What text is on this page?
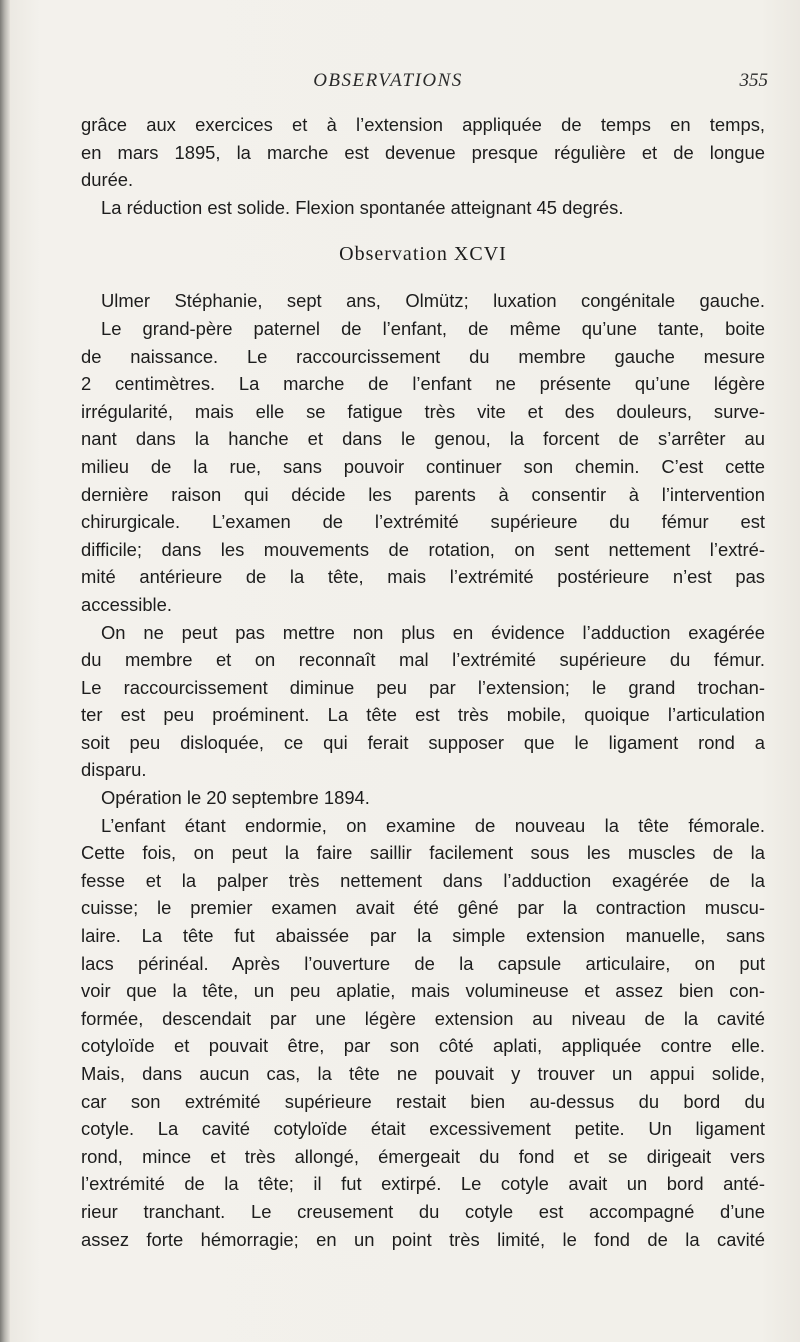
OBSERVATIONS	355
grâce aux exercices et à l’extension appliquée de temps en temps,
en mars 1895, la marche est devenue presque régulière et de longue
durée.
La réduction est solide. Flexion spontanée atteignant 45 degrés.
Observation XCVI
Ulmer Stéphanie, sept ans, Olmütz; luxation congénitale gauche.
Le grand-père paternel de l’enfant, de même qu’une tante, boite
de naissance. Le raccourcissement du membre gauche mesure
2 centimètres. La marche de l’enfant ne présente qu’une légère
irrégularité, mais elle se fatigue très vite et des douleurs, surve-
nant dans la hanche et dans le genou, la forcent de s’arrêter au
milieu de la rue, sans pouvoir continuer son chemin. C’est cette
dernière raison qui décide les parents à consentir à l’intervention
chirurgicale. L’examen de l’extrémité supérieure du fémur est
difficile; dans les mouvements de rotation, on sent nettement l’extré-
mité antérieure de la tête, mais l’extrémité postérieure n’est pas
accessible.
On ne peut pas mettre non plus en évidence l’adduction exagérée
du membre et on reconnaît mal l’extrémité supérieure du fémur.
Le raccourcissement diminue peu par l’extension; le grand trochan-
ter est peu proéminent. La tête est très mobile, quoique l’articulation
soit peu disloquée, ce qui ferait supposer que le ligament rond a
disparu.
Opération le 20 septembre 1894.
L’enfant étant endormie, on examine de nouveau la tête fémorale.
Cette fois, on peut la faire saillir facilement sous les muscles de la
fesse et la palper très nettement dans l’adduction exagérée de la
cuisse; le premier examen avait été gêné par la contraction muscu-
laire. La tête fut abaissée par la simple extension manuelle, sans
lacs périnéal. Après l’ouverture de la capsule articulaire, on put
voir que la tête, un peu aplatie, mais volumineuse et assez bien con-
formée, descendait par une légère extension au niveau de la cavité
cotyloïde et pouvait être, par son côté aplati, appliquée contre elle.
Mais, dans aucun cas, la tête ne pouvait y trouver un appui solide,
car son extrémité supérieure restait bien au-dessus du bord du
cotyle. La cavité cotyloïde était excessivement petite. Un ligament
rond, mince et très allongé, émergeait du fond et se dirigeait vers
l’extrémité de la tête; il fut extirpé. Le cotyle avait un bord anté-
rieur tranchant. Le creusement du cotyle est accompagné d’une
assez forte hémorragie; en un point très limité, le fond de la cavité
